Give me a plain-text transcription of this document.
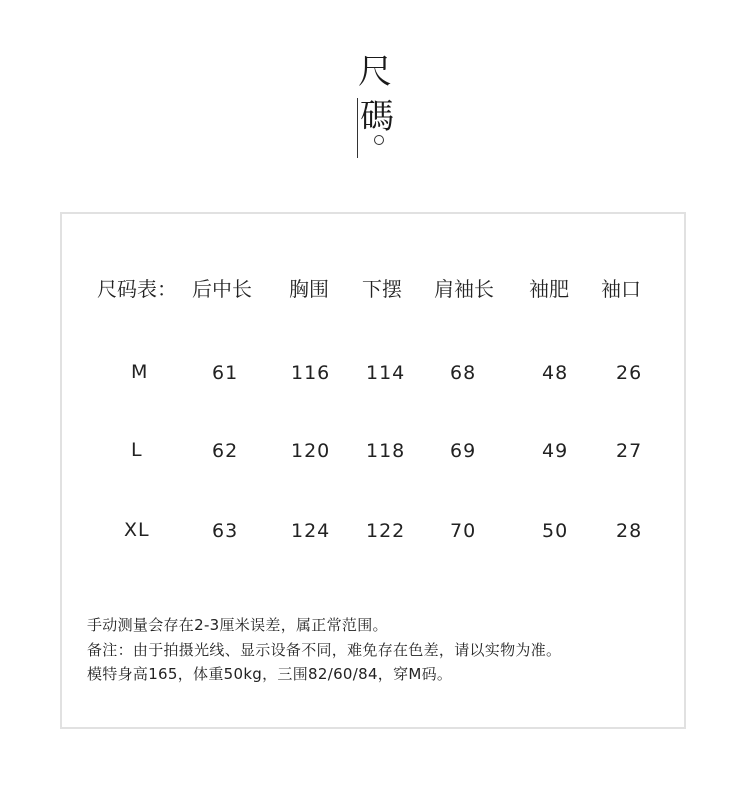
尺
碼
尺码表： 后中长 胸围 下摆 肩袖长 袖肥 袖口
M	61	116 114 68	48	26
L	62	120 118 69	49	27
XL	63	124 122 70	50	28

手动测量会存在2-3厘米误差，属正常范围。

备注：由于拍摄光线、显示设备不同，难免存在色差，请以实物为准。

模特身高165，体重50kg，三围82/60/84，穿M码。
